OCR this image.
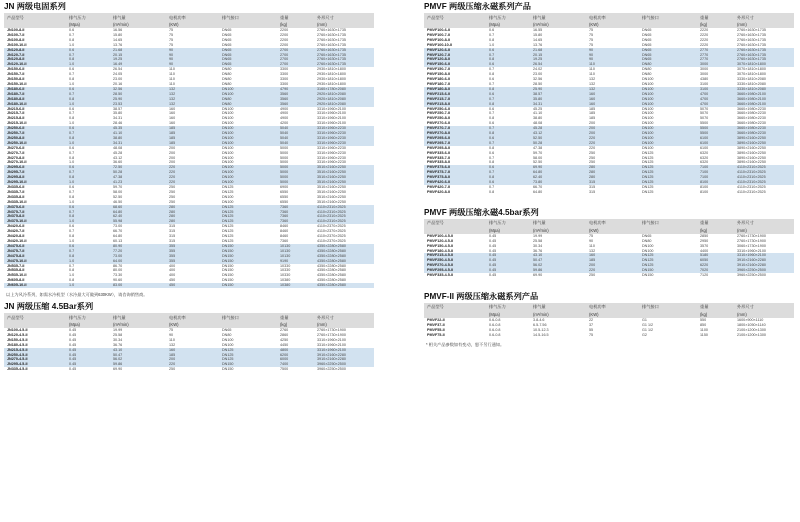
JN 两级电固系列
产品型号	排气压力	排气量	电机功率	排气接口	重量	外形尺寸
	(Mpa)	(m³/min)	(KW)		(kg)	(mm)
JN100-8-II	0.6	16.56	75	DN65	2200	2760×1630×1735
JN100-7-II	0.7	15.80	75	DN65	2200	2760×1630×1735
JN100-8-II	0.8	14.65	75	DN65	2200	2760×1630×1735
JN100-10-II	1.0	13.76	75	DN65	2200	2760×1630×1735
JN120-8-II	0.6	21.68	90	DN65	2700	2760×1630×1735
JN120-7-II	0.7	20.15	90	DN65	2700	2760×1630×1735
JN120-8-II	0.8	19.25	90	DN65	2700	2760×1630×1735
JN120-10-II	1.0	16.49	90	DN65	2700	2760×1630×1735
JN150-6-II	0.6	26.54	110	DN80	3300	2930×1810×1800
JN150-7-II	0.7	24.05	110	DN80	3300	2930×1810×1800
JN150-8-II	0.8	23.00	110	DN80	3300	2930×1810×1800
JN150-10-II	1.0	20.16	110	DN80	3300	2930×1810×1800
JN180-6-II	0.6	32.56	132	DN100	4790	3160×1780×2080
JN180-7-II	0.7	28.50	132	DN100	3560	2920×1810×2080
JN180-8-II	0.8	25.90	132	DN80	3560	2920×1810×2080
JN180-10-II	1.0	23.53	132	DN80	3560	2920×1810×2080
JN215-6-II	0.6	38.57	160	DN100	4900	3310×1960×2100
JN215-7-II	0.7	35.80	160	DN100	4900	3310×1960×2100
JN215-8-II	0.8	34.31	160	DN100	4900	3310×1960×2100
JN215-10-II	1.0	28.46	160	DN100	4200	3310×1960×2100
JN250-6-II	0.6	45.35	185	DN100	5040	3310×1960×2230
JN250-7-II	0.7	41.10	185	DN100	5040	3310×1960×2230
JN250-8-II	0.8	38.80	185	DN100	5040	3310×1960×2230
JN250-10-II	1.0	34.31	185	DN100	5040	3310×1960×2230
JN270-6-II	0.6	48.08	200	DN100	5000	3310×1960×2230
JN270-7-II	0.7	45.28	200	DN100	5000	3310×1960×2230
JN270-8-II	0.8	43.12	200	DN100	5000	3310×1960×2230
JN270-10-II	1.0	36.60	200	DN100	5000	3310×1960×2230
JN295-6-II	0.6	72.50	220	DN100	5000	3510×2160×2250
JN295-7-II	0.7	50.28	220	DN100	5000	3510×2160×2250
JN295-8-II	0.8	47.38	220	DN100	5000	3510×2160×2250
JN295-10-II	1.0	41.23	220	DN100	5000	3510×2160×2250
JN335-6-II	0.6	59.70	250	DN125	6900	3510×2160×2250
JN335-7-II	0.7	58.00	250	DN125	6550	3510×2160×2250
JN335-8-II	0.8	52.50	250	DN100	6550	3510×2160×2250
JN335-10-II	1.0	46.50	250	DN100	6550	3510×2160×2250
JN375-6-II	0.6	68.60	280	DN125	7360	4110×2310×2525
JN375-7-II	0.7	64.80	280	DN125	7360	4110×2310×2525
JN375-8-II	0.8	62.40	280	DN125	7360	4110×2310×2525
JN375-10-II	1.0	55.98	280	DN125	7360	4110×2310×2525
JN420-6-II	0.6	73.00	315	DN125	8460	4110×2370×2525
JN420-7-II	0.7	66.70	315	DN125	8460	4110×2370×2525
JN420-8-II	0.8	64.80	315	DN125	8460	4110×2370×2525
JN420-10-II	1.0	60.13	315	DN125	7360	4110×2370×2525
JN475-6-II	0.6	80.90	355	DN150	10130	4350×2280×2580
JN475-7-II	0.7	77.20	355	DN150	10130	4350×2280×2580
JN475-8-II	0.8	73.00	355	DN150	10130	4350×2280×2580
JN475-10-II	1.0	64.00	355	DN150	9190	4350×2280×2580
JN535-7-II	0.7	86.70	400	DN150	10330	4350×2280×2580
JN535-8-II	0.8	80.00	400	DN150	10330	4350×2280×2580
JN535-10-II	1.0	73.30	400	DN150	10330	4350×2280×2580
JN605-8-II	0.8	90.60	450	DN150	10380	4350×2280×2580
JN605-10-II	1.0	83.00	450	DN150	10380	4350×2280×2580
以上为风冷系列，如需水冷机型（水冷最大可做到630KW），请咨询销售商。
JN 两级压缩 4.5Bar系列
产品型号	排气压力	排气量	电机功率	排气接口	重量	外形尺寸
	(Mpa)	(m³/min)	(KW)		(kg)	(mm)
JN100-4.5-II	0.45	19.99	75	DN65	2760	2760×1730×1900
JN120-4.5-II	0.45	25.58	90	DN80	2860	2760×1730×1900
JN150-4.5-II	0.45	30.34	110	DN100	4250	3310×1960×2100
JN180-4.5-II	0.45	36.76	132	DN100	4450	3310×1960×2100
JN215-4.5-II	0.45	43.10	160	DN125	4800	3310×1960×2100
JN250-4.5-II	0.45	50.47	185	DN125	6200	3910×2160×2280
JN270-4.5-II	0.45	56.02	200	DN125	6000	3910×2160×2280
JN295-4.5-II	0.45	59.86	220	DN150	7400	3960×2250×2500
JN335-4.5-II	0.45	69.90	250	DN150	7500	3960×2250×2500
PMVF 两级压缩永磁系列产品
产品型号	排气压力	排气量	电机功率	排气接口	重量	外形尺寸
	(Mpa)	(m³/min)	(KW)		(kg)	(mm)
PMVF100-6-II	0.6	16.55	75	DN65	2220	2760×1630×1735
PMVF100-7-II	0.7	15.80	75	DN65	2220	2760×1630×1735
PMVF100-8-II	0.8	14.65	75	DN65	2220	2760×1630×1735
PMVF100-10-II	1.0	13.76	75	DN65	2220	2760×1630×1735
PMVF120-6-II	0.6	21.68	90	DN65	2770	2760×1630×1735
PMVF120-7-II	0.7	20.15	90	DN65	2770	2760×1630×1735
PMVF120-8-II	0.8	19.25	90	DN65	2770	2760×1630×1735
PMVF150-6-II	0.6	26.54	110	DN80	3000	3070×1810×1800
PMVF150-7-II	0.7	24.02	110	DN80	3000	3070×1810×1800
PMVF150-8-II	0.8	23.00	110	DN80	3000	3070×1810×1800
PMVF180-6-II	0.6	32.56	132	DN100	4380	3330×1810×2080
PMVF180-7-II	0.7	28.50	132	DN100	3100	3330×1810×2080
PMVF180-8-II	0.8	25.90	132	DN100	3100	3330×1810×2080
PMVF215-6-II	0.6	38.57	160	DN100	4700	3660×1980×2100
PMVF215-7-II	0.7	35.80	160	DN100	4700	3660×1980×2100
PMVF215-8-II	0.8	34.31	160	DN100	4700	3660×1980×2100
PMVF250-6-II	0.6	45.25	185	DN100	5070	3660×1980×2230
PMVF250-7-II	0.7	41.10	185	DN100	5070	3660×1980×2230
PMVF250-8-II	0.8	38.80	185	DN100	5070	3660×1980×2230
PMVF270-6-II	0.6	48.08	200	DN100	5500	3660×1980×2230
PMVF270-7-II	0.7	45.28	200	DN100	5500	3660×1980×2230
PMVF270-8-II	0.8	43.12	200	DN100	5500	3660×1980×2230
PMVF295-6-II	0.6	52.50	220	DN100	6100	3890×2160×2250
PMVF295-7-II	0.7	50.28	220	DN100	6100	3890×2160×2250
PMVF295-8-II	0.8	47.38	220	DN100	6100	3890×2160×2250
PMVF335-6-II	0.6	59.70	250	DN125	6320	3890×2160×2250
PMVF335-7-II	0.7	58.00	250	DN125	6320	3890×2160×2250
PMVF335-8-II	0.8	52.50	250	DN125	6320	3890×2160×2250
PMVF375-6-II	0.6	69.90	280	DN125	7100	4110×2310×2525
PMVF375-7-II	0.7	64.80	280	DN125	7100	4110×2310×2525
PMVF375-8-II	0.8	62.40	280	DN125	7100	4110×2310×2525
PMVF420-6-II	0.6	73.80	315	DN125	8100	4110×2310×2525
PMVF420-7-II	0.7	66.70	315	DN125	8100	4110×2310×2525
PMVF420-8-II	0.8	64.80	315	DN125	8100	4110×2310×2525
PMVF 两级压缩永磁4.5bar系列
产品型号	排气压力	排气量	电机功率	排气接口	重量	外形尺寸
	(Mpa)	(m³/min)	(KW)		(kg)	(mm)
PMVF100-4.5-II	0.45	19.99	75	DN65	2850	2760×1730×1900
PMVF120-4.5-II	0.45	25.58	90	DN80	2950	2760×1730×1900
PMVF150-4.5-II	0.45	30.34	110	DN100	3570	3060×1730×1900
PMVF180-4.5-II	0.45	36.76	132	DN100	4400	3310×1960×2100
PMVF215-4.5-II	0.45	43.10	160	DN125	5180	3310×1960×2100
PMVF250-4.5-II	0.45	50.47	185	DN125	6050	3910×2160×2280
PMVF270-4.5-II	0.45	56.02	200	DN125	6220	3910×2160×2280
PMVF295-4.5-II	0.45	59.86	220	DN150	7020	3960×2250×2500
PMVF335-4.5-II	0.45	69.90	250	DN150	7120	3960×2250×2500
PMVF-II 两级压缩永磁系列产品
产品型号	排气压力	排气量	电机功率	排气接口	重量	外形尺寸
	(Mpa)	(m³/min)	(KW)		(kg)	(mm)
PMVF22-II	0.6-0.8	3.8-4.6	22	G1	550	1600×900×1110
PMVF37-II	0.6-0.8	6.5-7.56	37	G1 1/2	850	1800×1050×1140
PMVF55-II	0.6-0.8	10.5-12.3	55	G1 1/2	1100	2100×1200×1300
PMVF75-II	0.6-0.8	14.5-16.5	75	G2	1150	2100×1200×1300
* 相关产品参数如有变动，恕不另行通知。
